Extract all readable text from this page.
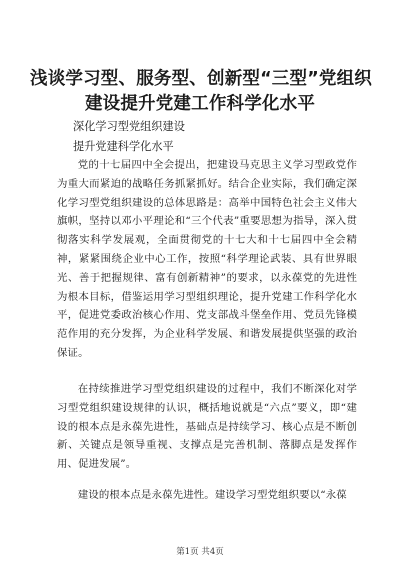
浅谈学习型、服务型、创新型“三型”党组织
建设提升党建工作科学化水平
深化学习型党组织建设
提升党建科学化水平

党的十七届四中全会提出，把建设马克思主义学习型政党作为重大而紧迫的战略任务抓紧抓好。结合企业实际，我们确定深化学习型党组织建设的总体思路是：高举中国特色社会主义伟大旗帜，坚持以邓小平理论和“三个代表”重要思想为指导，深入贯彻落实科学发展观，全面贯彻党的十七大和十七届四中全会精神，紧紧围绕企业中心工作，按照“科学理论武装、具有世界眼光、善于把握规律、富有创新精神”的要求，以永葆党的先进性为根本目标，借鉴运用学习型组织理论，提升党建工作科学化水平，促进党委政治核心作用、党支部战斗堡垒作用、党员先锋模范作用的充分发挥，为企业科学发展、和谐发展提供坚强的政治保证。

在持续推进学习型党组织建设的过程中，我们不断深化对学习型党组织建设规律的认识，概括地说就是“六点”要义，即“建设的根本点是永葆先进性，基础点是持续学习、核心点是不断创新、关键点是领导重视、支撑点是完善机制、落脚点是发挥作用、促进发展”。

建设的根本点是永葆先进性。建设学习型党组织要以“永葆

第1页 共4页
